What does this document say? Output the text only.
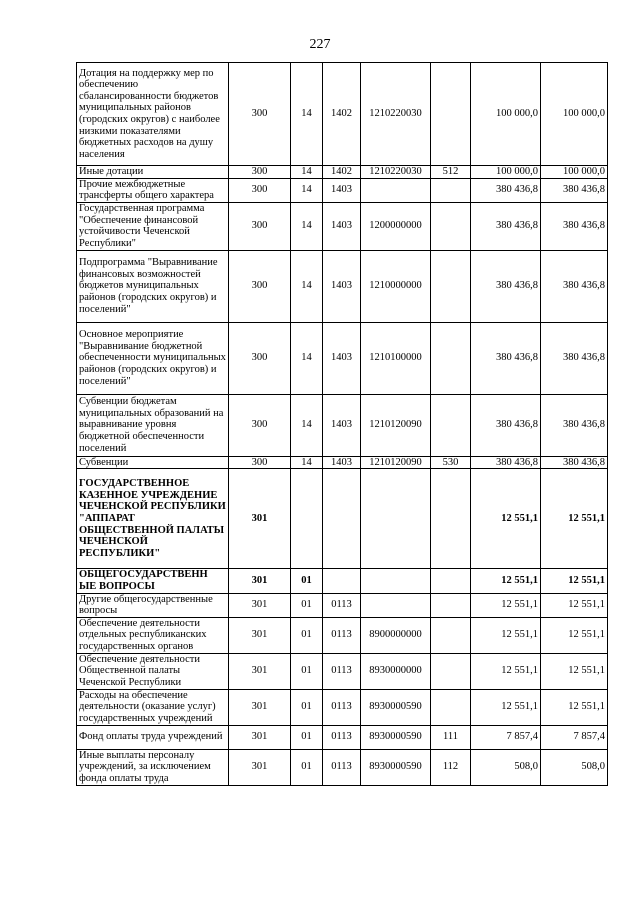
227
Дотация на поддержку мер по обеспечению сбалансированности бюджетов муниципальных районов (городских округов) с наиболее низкими показателями бюджетных расходов на душу населения	300	14	1402	1210220030		100 000,0	100 000,0
Иные дотации	300	14	1402	1210220030	512	100 000,0	100 000,0
Прочие межбюджетные трансферты общего характера	300	14	1403			380 436,8	380 436,8
Государственная программа "Обеспечение финансовой устойчивости Чеченской Республики"	300	14	1403	1200000000		380 436,8	380 436,8
Подпрограмма "Выравнивание финансовых возможностей бюджетов муниципальных районов (городских округов) и поселений"	300	14	1403	1210000000		380 436,8	380 436,8
Основное мероприятие "Выравнивание бюджетной обеспеченности муниципальных районов (городских округов) и поселений"	300	14	1403	1210100000		380 436,8	380 436,8
Субвенции бюджетам муниципальных образований на выравнивание уровня бюджетной обеспеченности поселений	300	14	1403	1210120090		380 436,8	380 436,8
Субвенции	300	14	1403	1210120090	530	380 436,8	380 436,8
ГОСУДАРСТВЕННОЕ КАЗЕННОЕ УЧРЕЖДЕНИЕ ЧЕЧЕНСКОЙ РЕСПУБЛИКИ "АППАРАТ ОБЩЕСТВЕННОЙ ПАЛАТЫ ЧЕЧЕНСКОЙ РЕСПУБЛИКИ"	301					12 551,1	12 551,1
ОБЩЕГОСУДАРСТВЕНН ЫЕ ВОПРОСЫ	301	01				12 551,1	12 551,1
Другие общегосударственные вопросы	301	01	0113			12 551,1	12 551,1
Обеспечение деятельности отдельных республиканских государственных органов	301	01	0113	8900000000		12 551,1	12 551,1
Обеспечение деятельности Общественной палаты Чеченской Республики	301	01	0113	8930000000		12 551,1	12 551,1
Расходы на обеспечение деятельности (оказание услуг) государственных учреждений	301	01	0113	8930000590		12 551,1	12 551,1
Фонд оплаты труда учреждений	301	01	0113	8930000590	111	7 857,4	7 857,4
Иные выплаты персоналу учреждений, за исключением фонда оплаты труда	301	01	0113	8930000590	112	508,0	508,0
